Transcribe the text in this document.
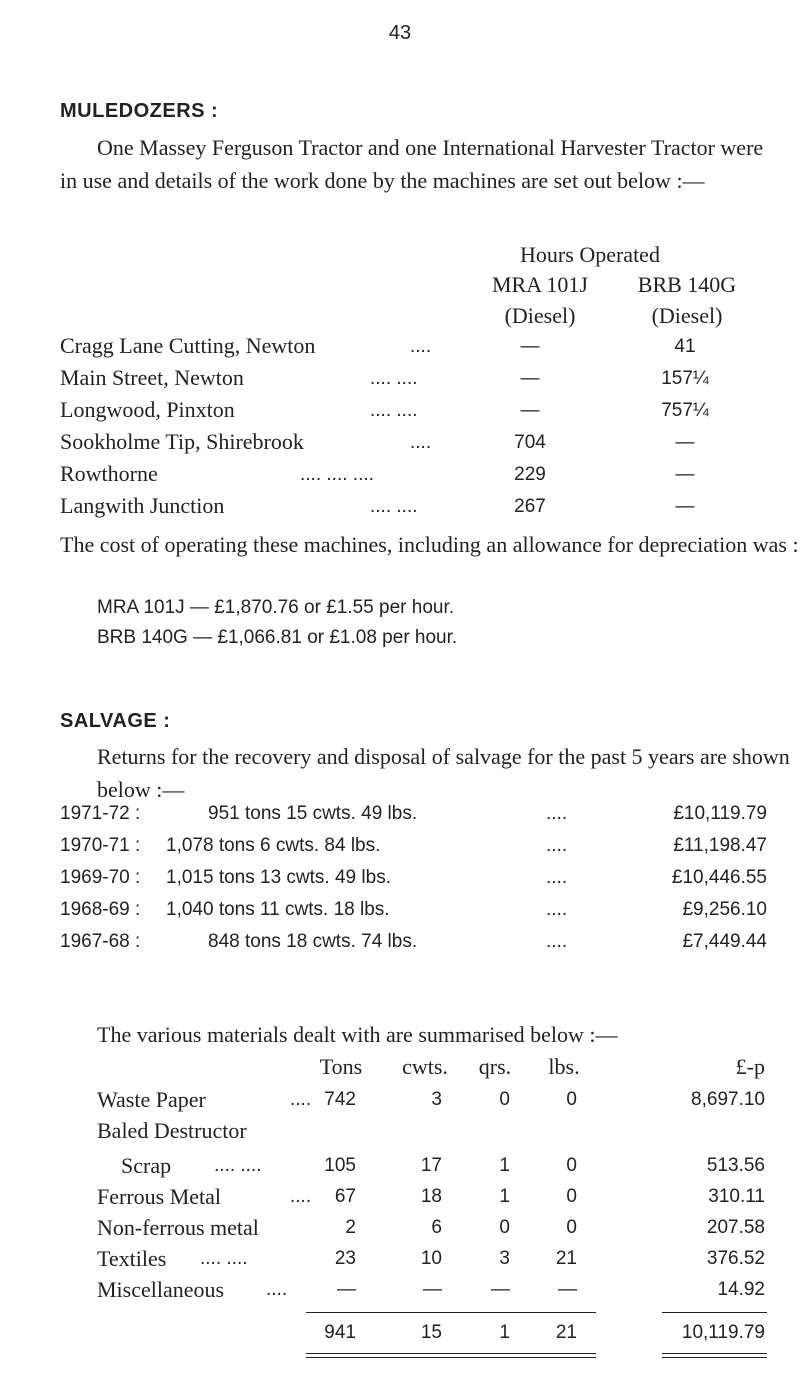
43
MULEDOZERS :
One Massey Ferguson Tractor and one International Harvester Tractor were in use and details of the work done by the machines are set out below :—
Hours Operated
MRA 101J
(Diesel)
BRB 140G
(Diesel)
Cragg Lane Cutting, Newton	....	—	41
Main Street, Newton	.... ....	—	157¼
Longwood, Pinxton	.... ....	—	757¼
Sookholme Tip, Shirebrook	....	704	—
Rowthorne	.... .... ....	229	—
Langwith Junction	.... ....	267	—
The cost of operating these machines, including an allowance for depreciation was :
MRA 101J — £1,870.76 or £1.55 per hour.
BRB 140G — £1,066.81 or £1.08 per hour.
SALVAGE :
Returns for the recovery and disposal of salvage for the past 5 years are shown below :—
1971-72 :	951 tons 15 cwts. 49 lbs.	....	£10,119.79
1970-71 : 1,078 tons 6 cwts. 84 lbs.	....	£11,198.47
1969-70 : 1,015 tons 13 cwts. 49 lbs.	....	£10,446.55
1968-69 : 1,040 tons 11 cwts. 18 lbs.	....	£9,256.10
1967-68 :	848 tons 18 cwts. 74 lbs.	....	£7,449.44
The various materials dealt with are summarised below :—
Tons	cwts.	qrs.	lbs.	£-p
Waste Paper	.... 742	3	0	0	8,697.10
Baled Destructor
Scrap .... ....	105	17	1	0	513.56
Ferrous Metal	....	67	18	1	0	310.11
Non-ferrous metal	2	6	0	0	207.58
Textiles .... ....	23	10	3	21	376.52
Miscellaneous ....	—	—	—	—	14.92
941	15	1	21	10,119.79
